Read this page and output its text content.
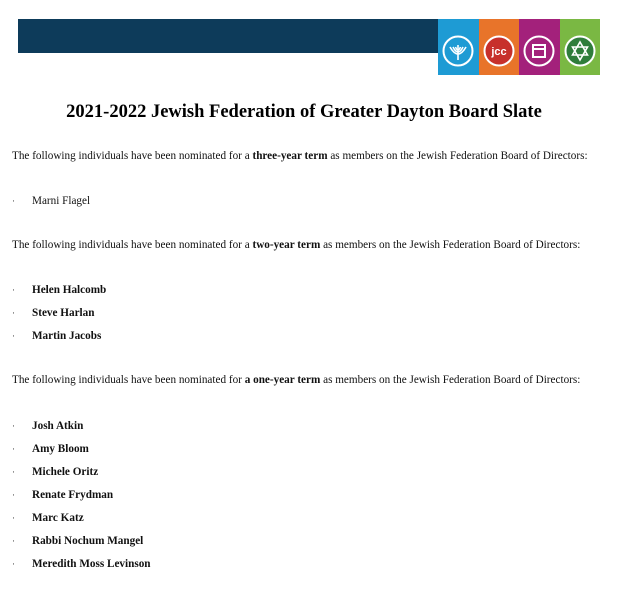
jcc
2021-2022 Jewish Federation of Greater Dayton Board Slate

The following individuals have been nominated for a three-year term as members on the Jewish Federation Board of Directors:

· Marni Flagel

The following individuals have been nominated for a two-year term as members on the Jewish Federation Board of Directors:

· Helen Halcomb
· Steve Harlan
· Martin Jacobs

The following individuals have been nominated for a one-year term as members on the Jewish Federation Board of Directors:

· Josh Atkin
· Amy Bloom
· Michele Oritz
· Renate Frydman
· Marc Katz
· Rabbi Nochum Mangel
· Meredith Moss Levinson
